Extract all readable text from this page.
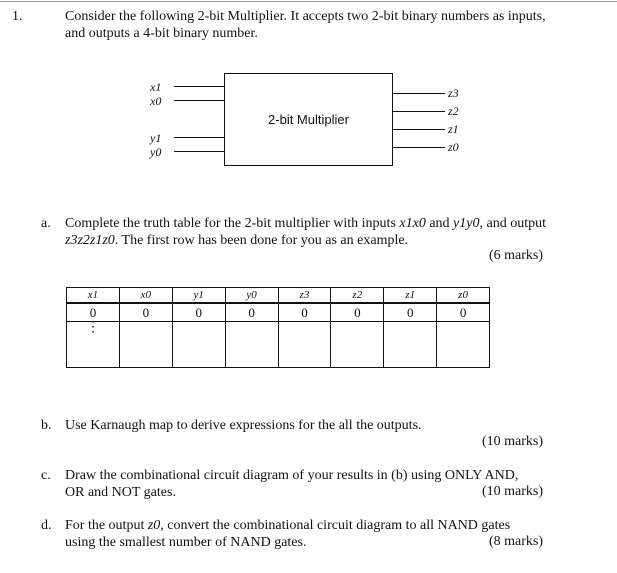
1.	Consider the following 2-bit Multiplier. It accepts two 2-bit binary numbers as inputs, and outputs a 4-bit binary number.
x1
x0
y1
y0
2-bit Multiplier
z3
z2
z1
z0
a. Complete the truth table for the 2-bit multiplier with inputs x1x0 and y1y0, and output z3z2z1z0. The first row has been done for you as an example.
(6 marks)
x1	x0	y1	y0	z3	z2	z1	z0
0	0	0	0	0	0	0	0

⋮							

b. Use Karnaugh map to derive expressions for the all the outputs.
(10 marks)
c. Draw the combinational circuit diagram of your results in (b) using ONLY AND,
OR and NOT gates.	(10 marks)
d. For the output z0, convert the combinational circuit diagram to all NAND gates
using the smallest number of NAND gates.	(8 marks)
